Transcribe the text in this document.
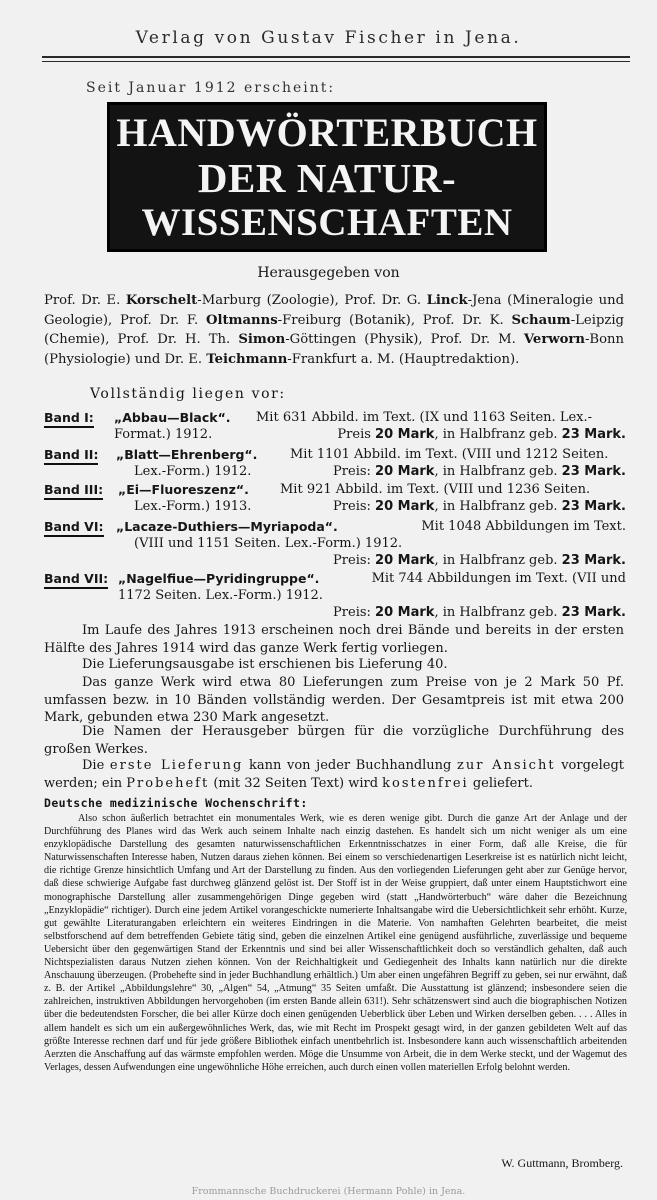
Verlag von Gustav Fischer in Jena.
Seit Januar 1912 erscheint:
HANDWÖRTERBUCH
DER NATUR-
WISSENSCHAFTEN
Herausgegeben von
Prof. Dr. E. Korschelt-Marburg (Zoologie), Prof. Dr. G. Linck-Jena (Mineralogie und Geologie), Prof. Dr. F. Oltmanns-Freiburg (Botanik), Prof. Dr. K. Schaum-Leipzig (Chemie), Prof. Dr. H. Th. Simon-Göttingen (Physik), Prof. Dr. M. Verworn-Bonn (Physiologie) und Dr. E. Teichmann-Frankfurt a. M. (Hauptredaktion).
Vollständig liegen vor:
Band I: „Abbau—Black“. Mit 631 Abbild. im Text. (IX und 1163 Seiten. Lex.-
Format.) 1912.	Preis 20 Mark, in Halbfranz geb. 23 Mark.
Band II: „Blatt—Ehrenberg“.	Mit 1101 Abbild. im Text. (VIII und 1212 Seiten.
Lex.-Form.) 1912.	Preis: 20 Mark, in Halbfranz geb. 23 Mark.
Band III: „Ei—Fluoreszenz“. Mit 921 Abbild. im Text. (VIII und 1236 Seiten.
Lex.-Form.) 1913.	Preis: 20 Mark, in Halbfranz geb. 23 Mark.
Band VI: „Lacaze-Duthiers—Myriapoda“.	Mit 1048 Abbildungen im Text.
(VIII und 1151 Seiten. Lex.-Form.) 1912.
Preis: 20 Mark, in Halbfranz geb. 23 Mark.
Band VII: „Nagelfiue—Pyridingruppe“.	Mit 744 Abbildungen im Text. (VII und
1172 Seiten. Lex.-Form.) 1912.
Preis: 20 Mark, in Halbfranz geb. 23 Mark.
Im Laufe des Jahres 1913 erscheinen noch drei Bände und bereits in der ersten Hälfte des Jahres 1914 wird das ganze Werk fertig vorliegen.
Die Lieferungsausgabe ist erschienen bis Lieferung 40.
Das ganze Werk wird etwa 80 Lieferungen zum Preise von je 2 Mark 50 Pf. umfassen bezw. in 10 Bänden vollständig werden. Der Gesamtpreis ist mit etwa 200 Mark, gebunden etwa 230 Mark angesetzt.
Die Namen der Herausgeber bürgen für die vorzügliche Durchführung des großen Werkes.
Die erste Lieferung kann von jeder Buchhandlung zur Ansicht vorgelegt werden; ein Probeheft (mit 32 Seiten Text) wird kostenfrei geliefert.
Deutsche medizinische Wochenschrift:
Also schon äußerlich betrachtet ein monumentales Werk, wie es deren wenige gibt. Durch die ganze Art der Anlage und der Durchführung des Planes wird das Werk auch seinem Inhalte nach einzig dastehen. Es handelt sich um nicht weniger als um eine enzyklopädische Darstellung des gesamten naturwissenschaftlichen Erkenntnisschatzes in einer Form, daß alle Kreise, die für Naturwissenschaften Interesse haben, Nutzen daraus ziehen können. Bei einem so verschiedenartigen Leserkreise ist es natürlich nicht leicht, die richtige Grenze hinsichtlich Umfang und Art der Darstellung zu finden. Aus den vorliegenden Lieferungen geht aber zur Genüge hervor, daß diese schwierige Aufgabe fast durchweg glänzend gelöst ist. Der Stoff ist in der Weise gruppiert, daß unter einem Hauptstichwort eine monographische Darstellung aller zusammengehörigen Dinge gegeben wird (statt „Handwörterbuch“ wäre daher die Bezeichnung „Enzyklopädie“ richtiger). Durch eine jedem Artikel vorangeschickte numerierte Inhaltsangabe wird die Uebersichtlichkeit sehr erhöht. Kurze, gut gewählte Literaturangaben erleichtern ein weiteres Eindringen in die Materie. Von namhaften Gelehrten bearbeitet, die meist selbstforschend auf dem betreffenden Gebiete tätig sind, geben die einzelnen Artikel eine genügend ausführliche, zuverlässige und bequeme Uebersicht über den gegenwärtigen Stand der Erkenntnis und sind bei aller Wissenschaftlichkeit doch so verständlich gehalten, daß auch Nichtspezialisten daraus Nutzen ziehen können. Von der Reichhaltigkeit und Gediegenheit des Inhalts kann natürlich nur die direkte Anschauung überzeugen. (Probehefte sind in jeder Buchhandlung erhältlich.) Um aber einen ungefähren Begriff zu geben, sei nur erwähnt, daß z. B. der Artikel „Abbildungslehre“ 30, „Algen“ 54, „Atmung“ 35 Seiten umfaßt. Die Ausstattung ist glänzend; insbesondere seien die zahlreichen, instruktiven Abbildungen hervorgehoben (im ersten Bande allein 631!). Sehr schätzenswert sind auch die biographischen Notizen über die bedeutendsten Forscher, die bei aller Kürze doch einen genügenden Ueberblick über Leben und Wirken derselben geben. . . . Alles in allem handelt es sich um ein außergewöhnliches Werk, das, wie mit Recht im Prospekt gesagt wird, in der ganzen gebildeten Welt auf das größte Interesse rechnen darf und für jede größere Bibliothek einfach unentbehrlich ist. Insbesondere kann auch wissenschaftlich arbeitenden Aerzten die Anschaffung auf das wärmste empfohlen werden. Möge die Unsumme von Arbeit, die in dem Werke steckt, und der Wagemut des Verlages, dessen Aufwendungen eine ungewöhnliche Höhe erreichen, auch durch einen vollen materiellen Erfolg belohnt werden.
W. Guttmann, Bromberg.
Frommannsche Buchdruckerei (Hermann Pohle) in Jena.
